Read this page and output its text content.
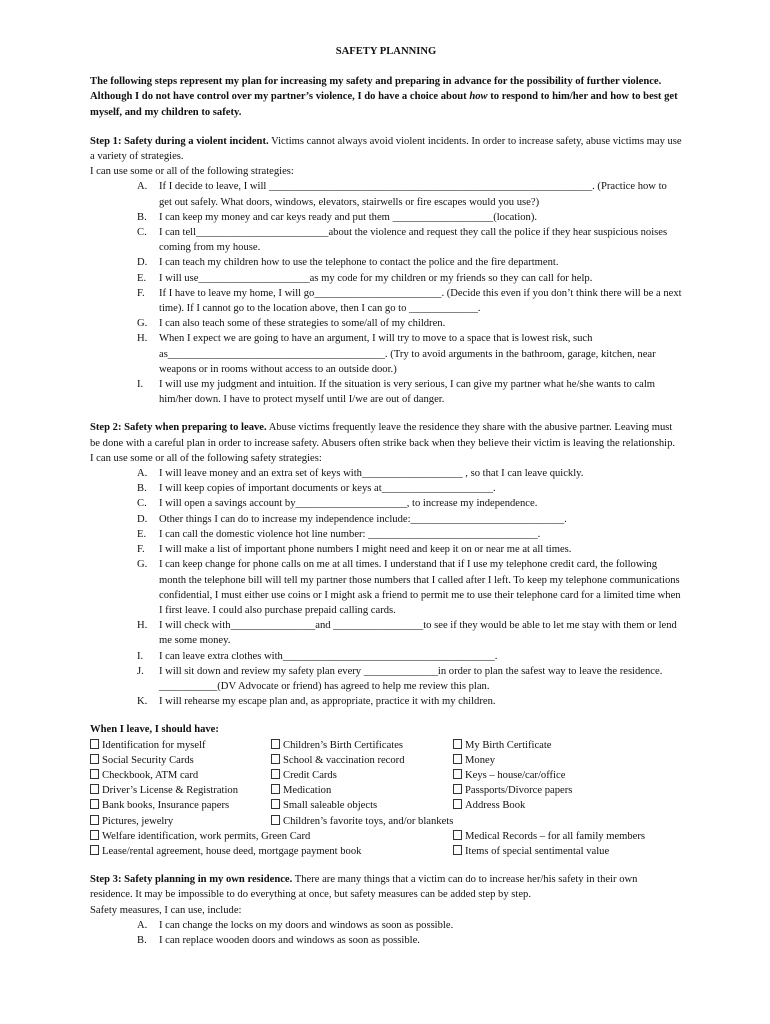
SAFETY PLANNING

The following steps represent my plan for increasing my safety and preparing in advance for the possibility of further violence. Although I do not have control over my partner’s violence, I do have a choice about how to respond to him/her and how to best get myself, and my children to safety.

Step 1: Safety during a violent incident. Victims cannot always avoid violent incidents. In order to increase safety, abuse victims may use a variety of strategies.

I can use some or all of the following strategies:

A.	If I decide to leave, I will _____________________________________________________________. (Practice how to get out safely. What doors, windows, elevators, stairwells or fire escapes would you use?)
B.	I can keep my money and car keys ready and put them ___________________(location).
C.	I can tell_________________________about the violence and request they call the police if they hear suspicious noises coming from my house.
D.	I can teach my children how to use the telephone to contact the police and the fire department.
E.	I will use_____________________as my code for my children or my friends so they can call for help.
F.	If I have to leave my home, I will go________________________. (Decide this even if you don’t think there will be a next time). If I cannot go to the location above, then I can go to _____________.
G.	I can also teach some of these strategies to some/all of my children.
H.	When I expect we are going to have an argument, I will try to move to a space that is lowest risk, such as_________________________________________. (Try to avoid arguments in the bathroom, garage, kitchen, near weapons or in rooms without access to an outside door.)
I.	I will use my judgment and intuition. If the situation is very serious, I can give my partner what he/she wants to calm him/her down. I have to protect myself until I/we are out of danger.

Step 2: Safety when preparing to leave. Abuse victims frequently leave the residence they share with the abusive partner. Leaving must be done with a careful plan in order to increase safety. Abusers often strike back when they believe their victim is leaving the relationship.

I can use some or all of the following safety strategies:

A.	I will leave money and an extra set of keys with___________________ , so that I can leave quickly.
B.	I will keep copies of important documents or keys at_____________________.
C.	I will open a savings account by_____________________, to increase my independence.
D.	Other things I can do to increase my independence include:_____________________________.
E.	I can call the domestic violence hot line number: ________________________________.
F.	I will make a list of important phone numbers I might need and keep it on or near me at all times.
G.	I can keep change for phone calls on me at all times. I understand that if I use my telephone credit card, the following month the telephone bill will tell my partner those numbers that I called after I left. To keep my telephone communications confidential, I must either use coins or I might ask a friend to permit me to use their telephone card for a limited time when I first leave. I could also purchase prepaid calling cards.
H.	I will check with________________and _________________to see if they would be able to let me stay with them or lend me some money.
I.	I can leave extra clothes with________________________________________.
J.	I will sit down and review my safety plan every ______________in order to plan the safest way to leave the residence. ___________(DV Advocate or friend) has agreed to help me review this plan.
K.	I will rehearse my escape plan and, as appropriate, practice it with my children.

When I leave, I should have:

Identification for myself	Children’s Birth Certificates	My Birth Certificate
Social Security Cards	School & vaccination record	Money
Checkbook, ATM card	Credit Cards	Keys – house/car/office
Driver’s License & Registration	Medication	Passports/Divorce papers
Bank books, Insurance papers	Small saleable objects	Address Book
Pictures, jewelry	Children’s favorite toys, and/or blankets
Welfare identification, work permits, Green Card	Medical Records – for all family members
Lease/rental agreement, house deed, mortgage payment book	Items of special sentimental value

Step 3: Safety planning in my own residence. There are many things that a victim can do to increase her/his safety in their own residence. It may be impossible to do everything at once, but safety measures can be added step by step.

Safety measures, I can use, include:

A.	I can change the locks on my doors and windows as soon as possible.
B.	I can replace wooden doors and windows as soon as possible.
